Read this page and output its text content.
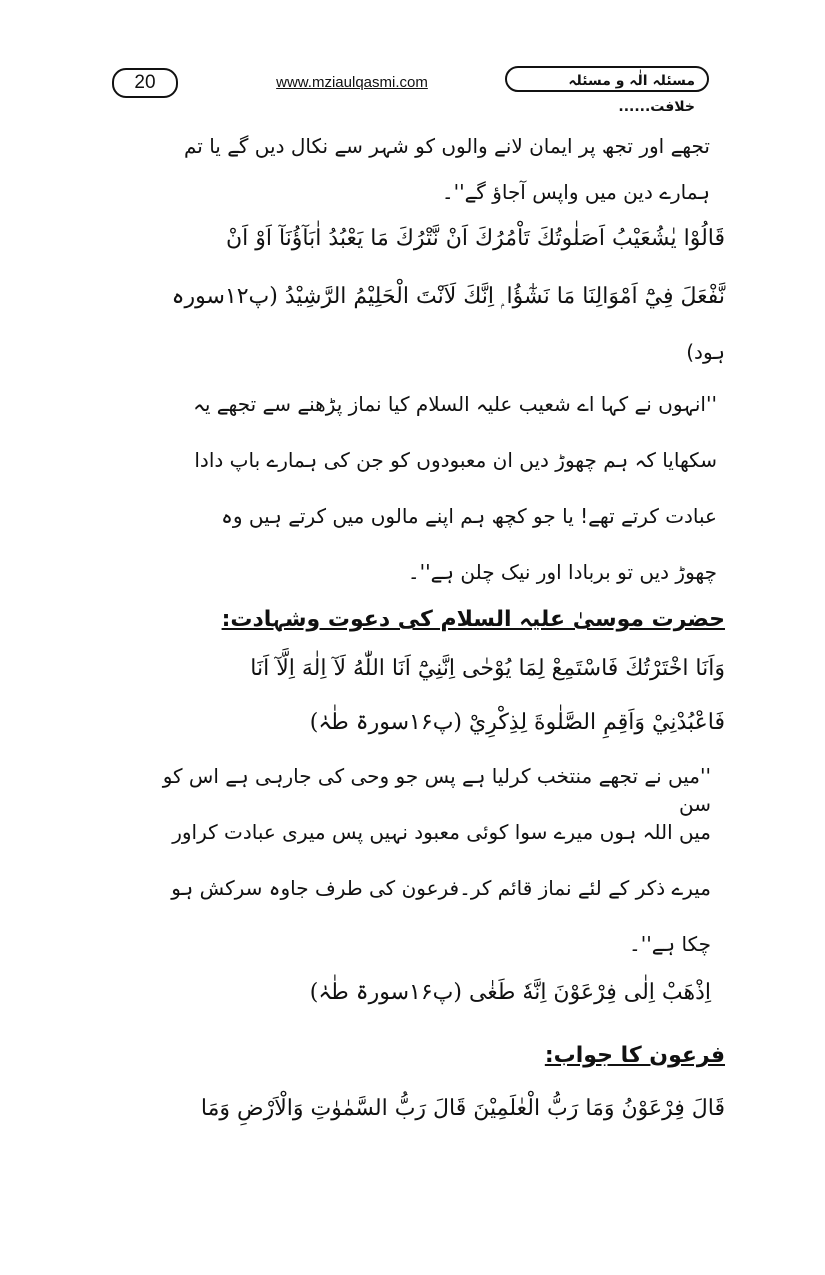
20	www.mziaulqasmi.com	مسئلہ الٰہ و مسئلہ خلافت......

تجھے اور تجھ پر ایمان لانے والوں کو شہر سے نکال دیں گے یا تم

ہمارے دین میں واپس آجاؤ گے''۔

قَالُوْا يٰشُعَيْبُ اَصَلٰوتُكَ تَاْمُرُكَ اَنْ نَّتْرُكَ مَا يَعْبُدُ اٰبَآؤُنَآ اَوْ اَنْ

نَّفْعَلَ فِيْٓ اَمْوَالِنَا مَا نَشٰٓؤُا ۭ اِنَّكَ لَاَنْتَ الْحَلِيْمُ الرَّشِيْدُ (پ۱۲سورہ

ہود)

''انہوں نے کہا اے شعیب علیہ السلام کیا نماز پڑھنے سے تجھے یہ

سکھایا کہ ہم چھوڑ دیں ان معبودوں کو جن کی ہمارے باپ دادا

عبادت کرتے تھے! یا جو کچھ ہم اپنے مالوں میں کرتے ہیں وہ

چھوڑ دیں تو بربادا اور نیک چلن ہے''۔

حضرت موسیٰ علیہ السلام کی دعوت وشہادت:

وَاَنَا اخْتَرْتُكَ فَاسْتَمِعْ لِمَا يُوْحٰى اِنَّنِيْٓ اَنَا اللّٰهُ لَآ اِلٰهَ اِلَّآ اَنَا

فَاعْبُدْنِيْ وَاَقِمِ الصَّلٰوةَ لِذِكْرِيْ (پ۱۶سورۃ طٰہٰ)

''میں نے تجھے منتخب کرلیا ہے پس جو وحی کی جارہی ہے اس کو سن

میں اللہ ہوں میرے سوا کوئی معبود نہیں پس میری عبادت کراور

میرے ذکر کے لئے نماز قائم کر۔فرعون کی طرف جاوہ سرکش ہو

چکا ہے''۔

اِذْهَبْ اِلٰى فِرْعَوْنَ اِنَّهٗ طَغٰى (پ۱۶سورۃ طٰہٰ)

فرعون کا جواب:

قَالَ فِرْعَوْنُ وَمَا رَبُّ الْعٰلَمِيْنَ قَالَ رَبُّ السَّمٰوٰتِ وَالْاَرْضِ وَمَا
